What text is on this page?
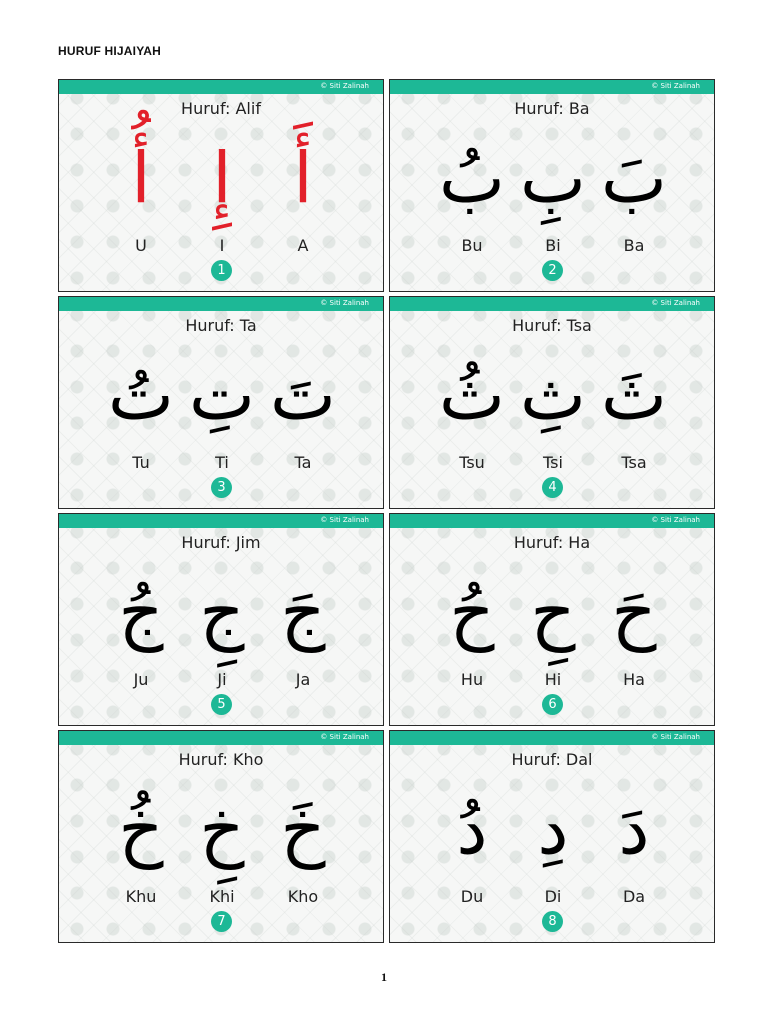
HURUF HIJAIYAH
© Siti Zalinah
Huruf: Alif
أُ إِ أَ
U	I	A
1
© Siti Zalinah
Huruf: Ba
ب ب ب
Bu	Bi	Ba
2
© Siti Zalinah
Huruf: Ta
ت ت ت
Tu	Ti	Ta
3
© Siti Zalinah
Huruf: Tsa
ث ث ث
Tsu	Tsi	Tsa
4
© Siti Zalinah
Huruf: Jim
ج ج ج
Ju	Ji	Ja
5
© Siti Zalinah
Huruf: Ha
ح ح ح
Hu	Hi	Ha
6
© Siti Zalinah
Huruf: Kho
خ خ خ
Khu	Khi	Kho
7
© Siti Zalinah
Huruf: Dal
د د د
Du	Di	Da
8
1
